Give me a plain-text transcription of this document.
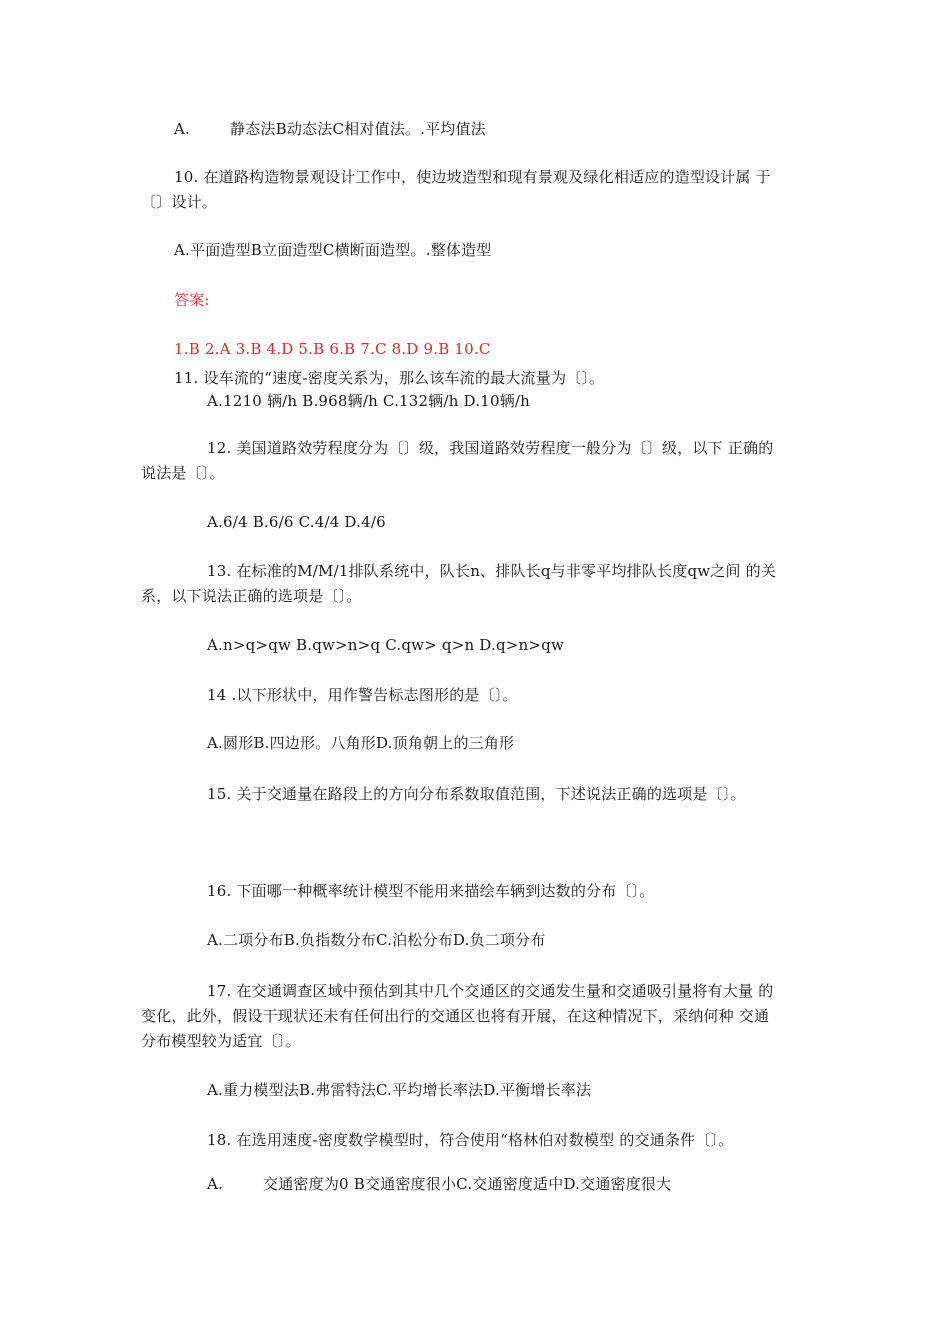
A.	静态法B动态法C相对值法。.平均值法
10. 在道路构造物景观设计工作中，使边坡造型和现有景观及绿化相适应的造型设计属 于
〔〕设计。
A.平面造型B立面造型C横断面造型。.整体造型
答案:
1.B 2.A 3.B 4.D 5.B 6.B 7.C 8.D 9.B 10.C
11. 设车流的“速度-密度关系为，那么该车流的最大流量为〔〕。
A.1210 辆/h B.968辆/h C.132辆/h D.10辆/h
12. 美国道路效劳程度分为〔〕级，我国道路效劳程度一般分为〔〕级，以下 正确的
说法是〔〕。
A.6/4 B.6/6 C.4/4 D.4/6
13. 在标准的M/M/1排队系统中，队长n、排队长q与非零平均排队长度qw之间 的关
系，以下说法正确的选项是〔〕。
A.n>q>qw B.qw>n>q C.qw> q>n D.q>n>qw
14 .以下形状中，用作警告标志图形的是〔〕。
A.圆形B.四边形。八角形D.顶角朝上的三角形
15. 关于交通量在路段上的方向分布系数取值范围，下述说法正确的选项是〔〕。
16. 下面哪一种概率统计模型不能用来描绘车辆到达数的分布〔〕。
A.二项分布B.负指数分布C.泊松分布D.负二项分布
17. 在交通调查区域中预估到其中几个交通区的交通发生量和交通吸引量将有大量 的
变化，此外，假设干现状还未有任何出行的交通区也将有开展，在这种情况下，采纳何种 交通
分布模型较为适宜〔〕。
A.重力模型法B.弗雷特法C.平均增长率法D.平衡增长率法
18. 在选用速度-密度数学模型时，符合使用“格林伯对数模型 的交通条件〔〕。
A.	交通密度为0 B交通密度很小C.交通密度适中D.交通密度很大
